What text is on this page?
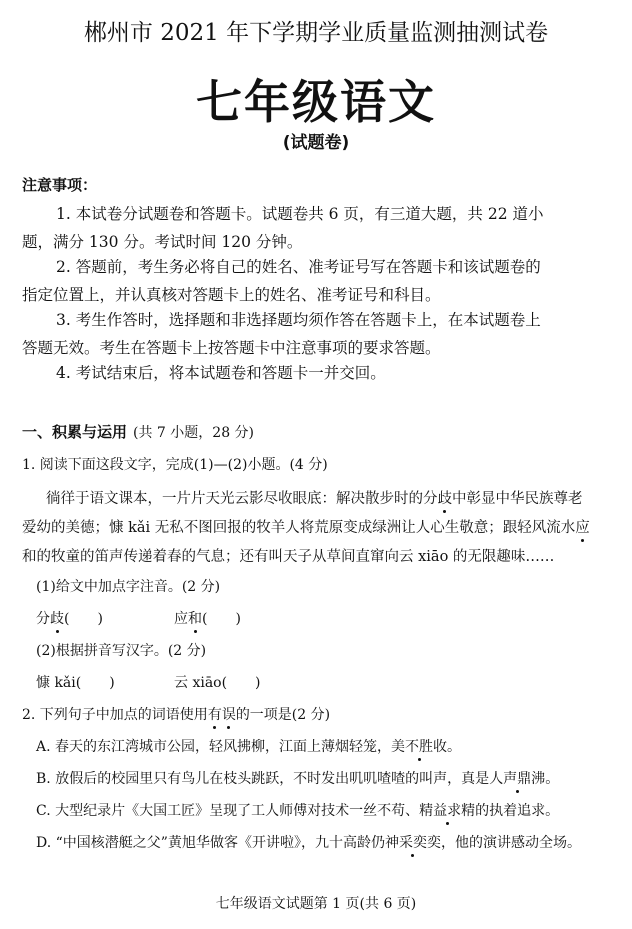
郴州市 2021 年下学期学业质量监测抽测试卷
七年级语文
(试题卷)
注意事项：
1. 本试卷分试题卷和答题卡。试题卷共 6 页，有三道大题，共 22 道小
题，满分 130 分。考试时间 120 分钟。
2. 答题前，考生务必将自己的姓名、准考证号写在答题卡和该试题卷的
指定位置上，并认真核对答题卡上的姓名、准考证号和科目。
3. 考生作答时，选择题和非选择题均须作答在答题卡上，在本试题卷上
答题无效。考生在答题卡上按答题卡中注意事项的要求答题。
4. 考试结束后，将本试题卷和答题卡一并交回。
一、积累与运用 (共 7 小题，28 分)
1. 阅读下面这段文字，完成(1)—(2)小题。(4 分)
徜徉于语文课本，一片片天光云影尽收眼底：解决散步时的分歧中彰显中华民族尊老
爱幼的美德；慷 kǎi 无私不图回报的牧羊人将荒原变成绿洲让人心生敬意；跟轻风流水应
和的牧童的笛声传递着春的气息；还有叫天子从草间直窜向云 xiāo 的无限趣味……
(1)给文中加点字注音。(2 分)
分歧(　　)	应和(　　)
(2)根据拼音写汉字。(2 分)
慷 kǎi(　　)	云 xiāo(　　)
2. 下列句子中加点的词语使用有误的一项是(2 分)
A. 春天的东江湾城市公园，轻风拂柳，江面上薄烟轻笼，美不胜收。
B. 放假后的校园里只有鸟儿在枝头跳跃，不时发出叽叽喳喳的叫声，真是人声鼎沸。
C. 大型纪录片《大国工匠》呈现了工人师傅对技术一丝不苟、精益求精的执着追求。
D. “中国核潜艇之父”黄旭华做客《开讲啦》，九十高龄仍神采奕奕，他的演讲感动全场。
七年级语文试题第 1 页(共 6 页)
